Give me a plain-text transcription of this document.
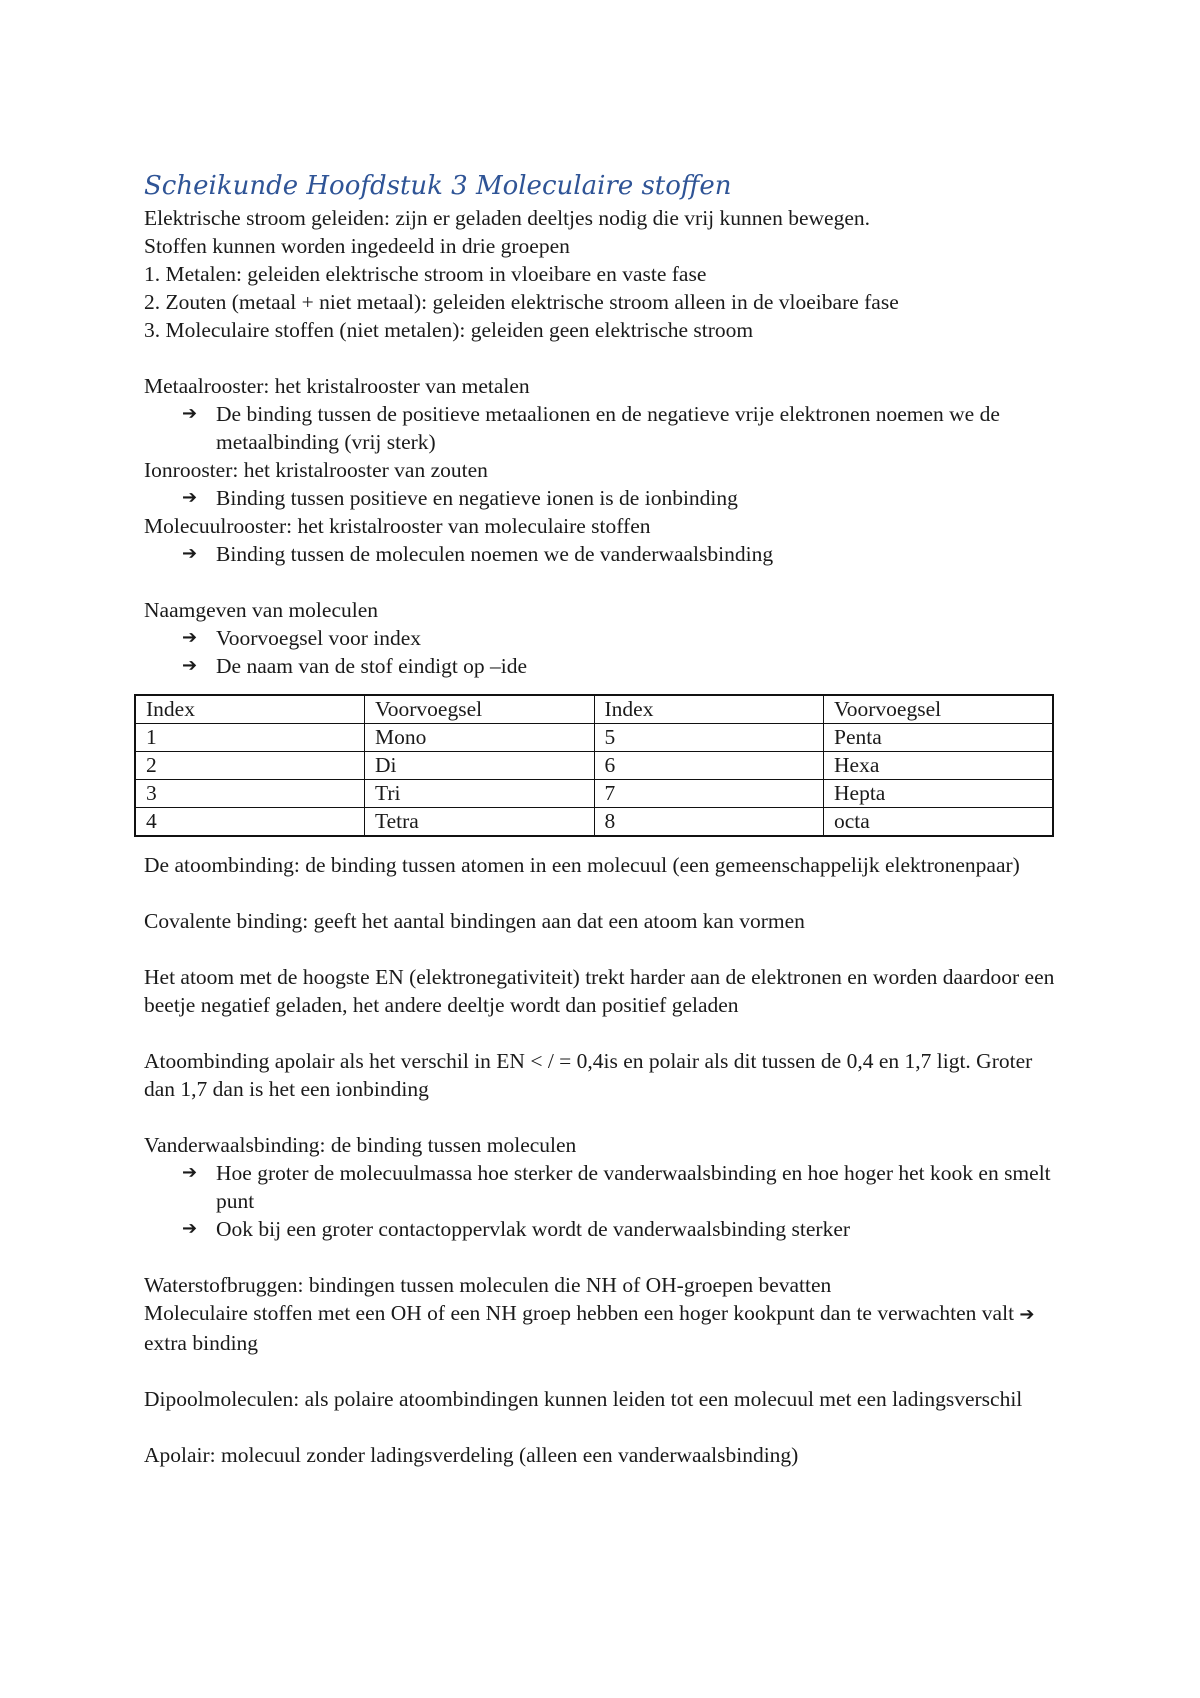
Scheikunde Hoofdstuk 3 Moleculaire stoffen
Elektrische stroom geleiden: zijn er geladen deeltjes nodig die vrij kunnen bewegen.
Stoffen kunnen worden ingedeeld in drie groepen
1. Metalen: geleiden elektrische stroom in vloeibare en vaste fase
2. Zouten (metaal + niet metaal): geleiden elektrische stroom alleen in de vloeibare fase
3. Moleculaire stoffen (niet metalen): geleiden geen elektrische stroom
Metaalrooster: het kristalrooster van metalen
➔ De binding tussen de positieve metaalionen en de negatieve vrije elektronen noemen we de metaalbinding (vrij sterk)
Ionrooster: het kristalrooster van zouten
➔ Binding tussen positieve en negatieve ionen is de ionbinding
Molecuulrooster: het kristalrooster van moleculaire stoffen
➔ Binding tussen de moleculen noemen we de vanderwaalsbinding
Naamgeven van moleculen
➔ Voorvoegsel voor index
➔ De naam van de stof eindigt op –ide
Index	Voorvoegsel	Index	Voorvoegsel
1	Mono	5	Penta
2	Di	6	Hexa
3	Tri	7	Hepta
4	Tetra	8	octa
De atoombinding: de binding tussen atomen in een molecuul (een gemeenschappelijk elektronenpaar)
Covalente binding: geeft het aantal bindingen aan dat een atoom kan vormen
Het atoom met de hoogste EN (elektronegativiteit) trekt harder aan de elektronen en worden daardoor een beetje negatief geladen, het andere deeltje wordt dan positief geladen
Atoombinding apolair als het verschil in EN < / = 0,4is en polair als dit tussen de 0,4 en 1,7 ligt. Groter dan 1,7 dan is het een ionbinding
Vanderwaalsbinding: de binding tussen moleculen
➔ Hoe groter de molecuulmassa hoe sterker de vanderwaalsbinding en hoe hoger het kook en smelt punt
➔ Ook bij een groter contactoppervlak wordt de vanderwaalsbinding sterker
Waterstofbruggen: bindingen tussen moleculen die NH of OH-groepen bevatten
Moleculaire stoffen met een OH of een NH groep hebben een hoger kookpunt dan te verwachten valt ➔ extra binding
Dipoolmoleculen: als polaire atoombindingen kunnen leiden tot een molecuul met een ladingsverschil
Apolair: molecuul zonder ladingsverdeling (alleen een vanderwaalsbinding)
